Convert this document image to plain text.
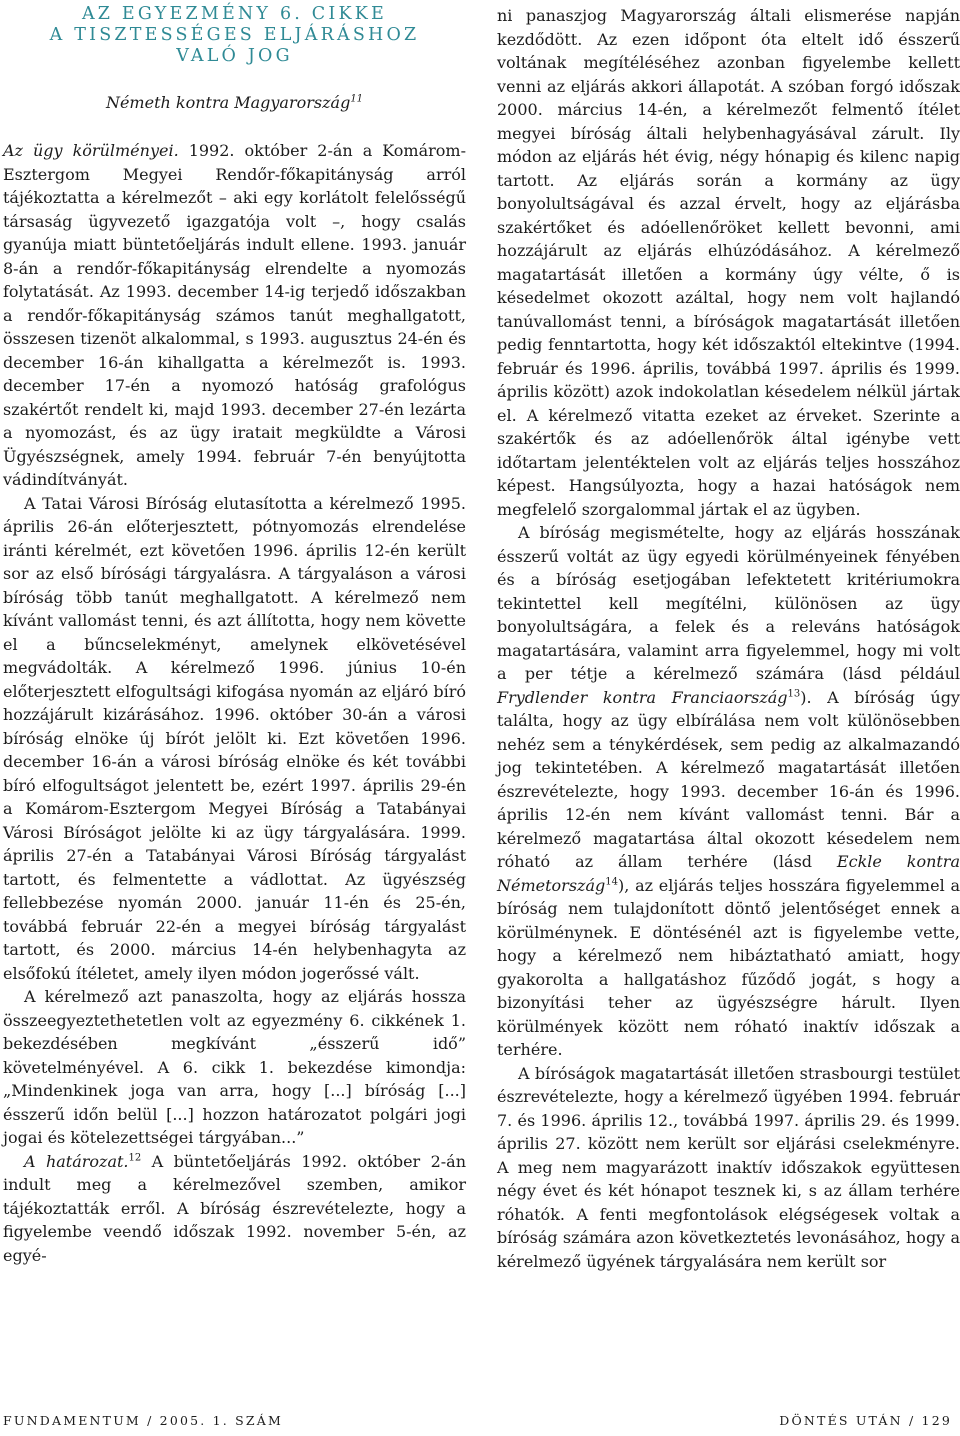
AZ EGYEZMÉNY 6. CIKKE
A TISZTESSÉGES ELJÁRÁSHOZ
VALÓ JOG
Németh kontra Magyarország$^{11}$

Az ügy körülményei. 1992. október 2-án a Komárom-Esztergom Megyei Rendőr-főkapitányság arról tájékoztatta a kérelmezőt – aki egy korlátolt felelősségű társaság ügyvezető igazgatója volt –, hogy csalás gyanúja miatt büntetőeljárás indult ellene. 1993. január 8-án a rendőr-főkapitányság elrendelte a nyomozás folytatását. Az 1993. december 14-ig terjedő időszakban a rendőr-főkapitányság számos tanút meghallgatott, összesen tizenöt alkalommal, s 1993. augusztus 24-én és december 16-án kihallgatta a kérelmezőt is. 1993. december 17-én a nyomozó hatóság grafológus szakértőt rendelt ki, majd 1993. december 27-én lezárta a nyomozást, és az ügy iratait megküldte a Városi Ügyészségnek, amely 1994. február 7-én benyújtotta vádindítványát.

A Tatai Városi Bíróság elutasította a kérelmező 1995. április 26-án előterjesztett, pótnyomozás elrendelése iránti kérelmét, ezt követően 1996. április 12-én került sor az első bírósági tárgyalásra. A tárgyaláson a városi bíróság több tanút meghallgatott. A kérelmező nem kívánt vallomást tenni, és azt állította, hogy nem követte el a bűncselekményt, amelynek elkövetésével megvádolták. A kérelmező 1996. június 10-én előterjesztett elfogultsági kifogása nyomán az eljáró bíró hozzájárult kizárásához. 1996. október 30-án a városi bíróság elnöke új bírót jelölt ki. Ezt követően 1996. december 16-án a városi bíróság elnöke és két további bíró elfogultságot jelentett be, ezért 1997. április 29-én a Komárom-Esztergom Megyei Bíróság a Tatabányai Városi Bíróságot jelölte ki az ügy tárgyalására. 1999. április 27-én a Tatabányai Városi Bíróság tárgyalást tartott, és felmentette a vádlottat. Az ügyészség fellebbezése nyomán 2000. január 11-én és 25-én, továbbá február 22-én a megyei bíróság tárgyalást tartott, és 2000. március 14-én helybenhagyta az elsőfokú ítéletet, amely ilyen módon jogerőssé vált.

A kérelmező azt panaszolta, hogy az eljárás hossza összeegyeztethetetlen volt az egyezmény 6. cikkének 1. bekezdésében megkívánt „ésszerű idő” követelményével. A 6. cikk 1. bekezdése kimondja: „Mindenkinek joga van arra, hogy [...] bíróság [...] ésszerű időn belül [...] hozzon határozatot polgári jogi jogai és kötelezettségei tárgyában...”

A határozat.$^{12}$ A büntetőeljárás 1992. október 2-án indult meg a kérelmezővel szemben, amikor tájékoztatták erről. A bíróság észrevételezte, hogy a figyelembe veendő időszak 1992. november 5-én, az egyé-

ni panaszjog Magyarország általi elismerése napján kezdődött. Az ezen időpont óta eltelt idő ésszerű voltának megítéléséhez azonban figyelembe kellett venni az eljárás akkori állapotát. A szóban forgó időszak 2000. március 14-én, a kérelmezőt felmentő ítélet megyei bíróság általi helybenhagyásával zárult. Ily módon az eljárás hét évig, négy hónapig és kilenc napig tartott. Az eljárás során a kormány az ügy bonyolultságával és azzal érvelt, hogy az eljárásba szakértőket és adóellenőröket kellett bevonni, ami hozzájárult az eljárás elhúzódásához. A kérelmező magatartását illetően a kormány úgy vélte, ő is késedelmet okozott azáltal, hogy nem volt hajlandó tanúvallomást tenni, a bíróságok magatartását illetően pedig fenntartotta, hogy két időszaktól eltekintve (1994. február és 1996. április, továbbá 1997. április és 1999. április között) azok indokolatlan késedelem nélkül jártak el. A kérelmező vitatta ezeket az érveket. Szerinte a szakértők és az adóellenőrök által igénybe vett időtartam jelentéktelen volt az eljárás teljes hosszához képest. Hangsúlyozta, hogy a hazai hatóságok nem megfelelő szorgalommal jártak el az ügyben.

A bíróság megismételte, hogy az eljárás hosszának ésszerű voltát az ügy egyedi körülményeinek fényében és a bíróság esetjogában lefektetett kritériumokra tekintettel kell megítélni, különösen az ügy bonyolultságára, a felek és a releváns hatóságok magatartására, valamint arra figyelemmel, hogy mi volt a per tétje a kérelmező számára (lásd például Frydlender kontra Franciaország$^{13}$). A bíróság úgy találta, hogy az ügy elbírálása nem volt különösebben nehéz sem a ténykérdések, sem pedig az alkalmazandó jog tekintetében. A kérelmező magatartását illetően észrevételezte, hogy 1993. december 16-án és 1996. április 12-én nem kívánt vallomást tenni. Bár a kérelmező magatartása által okozott késedelem nem róható az állam terhére (lásd Eckle kontra Németország$^{14}$), az eljárás teljes hosszára figyelemmel a bíróság nem tulajdonított döntő jelentőséget ennek a körülménynek. E döntésénél azt is figyelembe vette, hogy a kérelmező nem hibáztatható amiatt, hogy gyakorolta a hallgatáshoz fűződő jogát, s hogy a bizonyítási teher az ügyészségre hárult. Ilyen körülmények között nem róható inaktív időszak a terhére.

A bíróságok magatartását illetően strasbourgi testület észrevételezte, hogy a kérelmező ügyében 1994. február 7. és 1996. április 12., továbbá 1997. április 29. és 1999. április 27. között nem került sor eljárási cselekményre. A meg nem magyarázott inaktív időszakok együttesen négy évet és két hónapot tesznek ki, s az állam terhére róhatók. A fenti megfontolások elégségesek voltak a bíróság számára azon következtetés levonásához, hogy a kérelmező ügyének tárgyalására nem került sor

FUNDAMENTUM / 2005. 1. SZÁM	DÖNTÉS UTÁN / 129
